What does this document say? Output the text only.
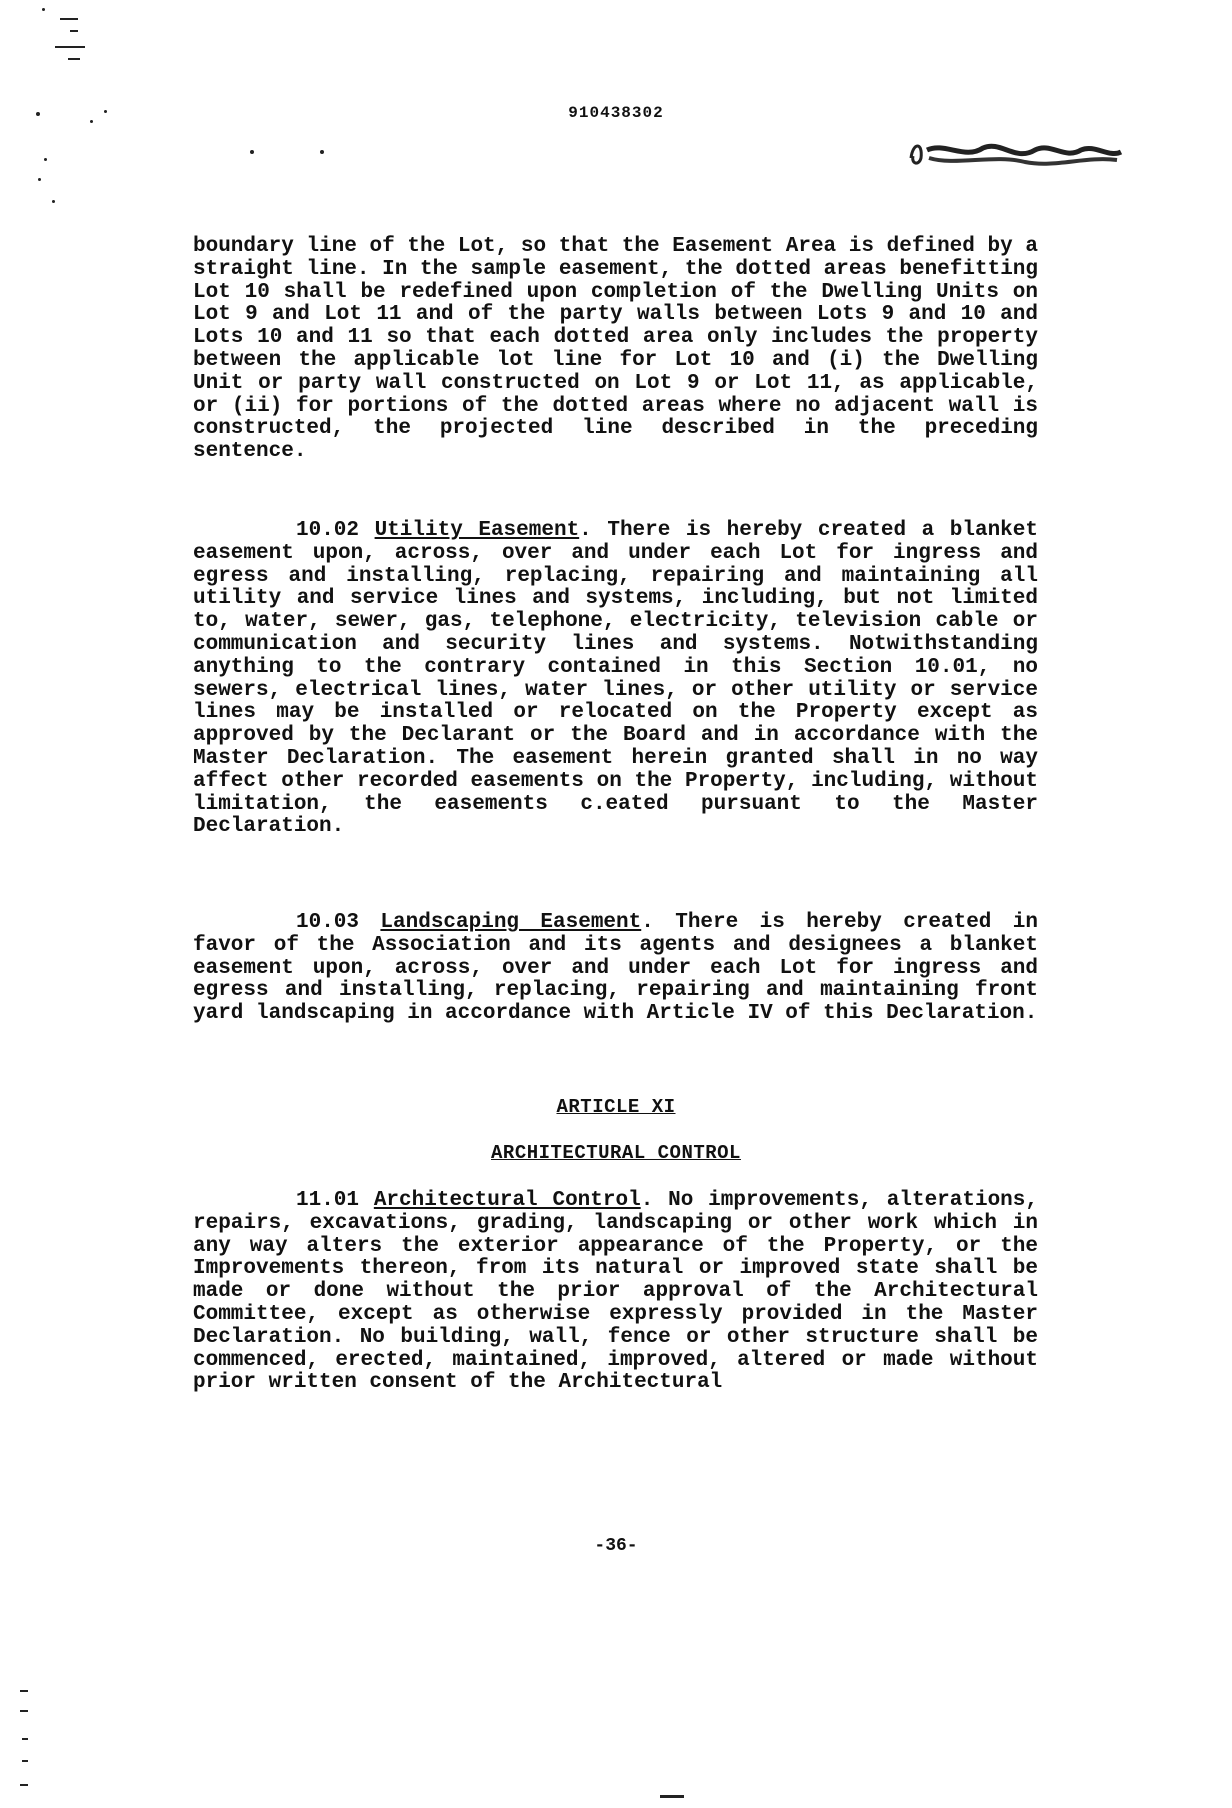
910438302

boundary line of the Lot, so that the Easement Area is defined by a straight line. In the sample easement, the dotted areas benefitting Lot 10 shall be redefined upon completion of the Dwelling Units on Lot 9 and Lot 11 and of the party walls between Lots 9 and 10 and Lots 10 and 11 so that each dotted area only includes the property between the applicable lot line for Lot 10 and (i) the Dwelling Unit or party wall constructed on Lot 9 or Lot 11, as applicable, or (ii) for portions of the dotted areas where no adjacent wall is constructed, the projected line described in the preceding sentence.

10.02 Utility Easement. There is hereby created a blanket easement upon, across, over and under each Lot for ingress and egress and installing, replacing, repairing and maintaining all utility and service lines and systems, including, but not limited to, water, sewer, gas, telephone, electricity, television cable or communication and security lines and systems. Notwithstanding anything to the contrary contained in this Section 10.01, no sewers, electrical lines, water lines, or other utility or service lines may be installed or relocated on the Property except as approved by the Declarant or the Board and in accordance with the Master Declaration. The easement herein granted shall in no way affect other recorded easements on the Property, including, without limitation, the easements c.eated pursuant to the Master Declaration.

10.03 Landscaping Easement. There is hereby created in favor of the Association and its agents and designees a blanket easement upon, across, over and under each Lot for ingress and egress and installing, replacing, repairing and maintaining front yard landscaping in accordance with Article IV of this Declaration.

ARTICLE XI
ARCHITECTURAL CONTROL

11.01 Architectural Control. No improvements, alterations, repairs, excavations, grading, landscaping or other work which in any way alters the exterior appearance of the Property, or the Improvements thereon, from its natural or improved state shall be made or done without the prior approval of the Architectural Committee, except as otherwise expressly provided in the Master Declaration. No building, wall, fence or other structure shall be commenced, erected, maintained, improved, altered or made without prior written consent of the Architectural

-36-
